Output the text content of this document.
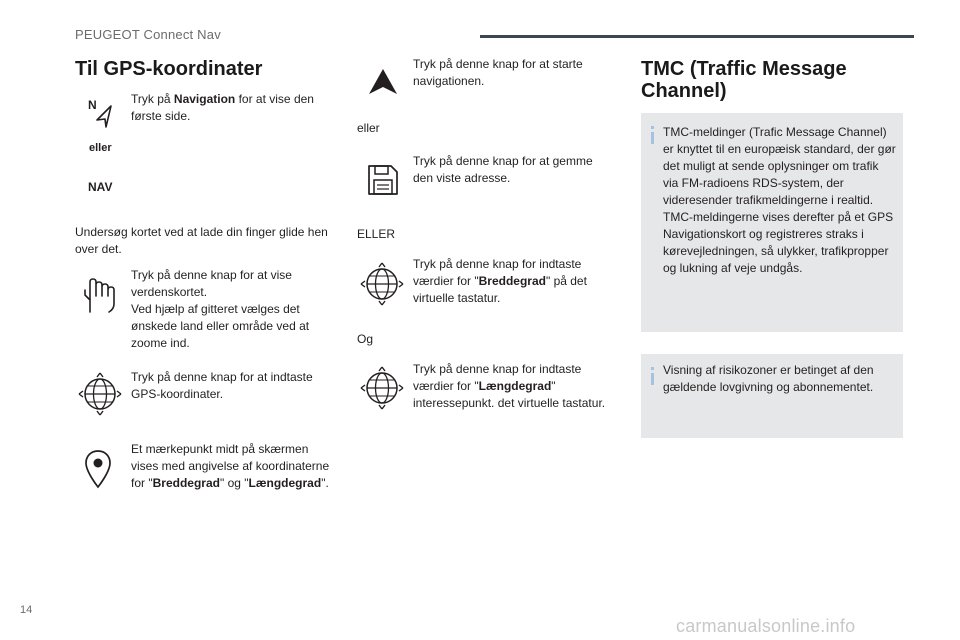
PEUGEOT Connect Nav
Til GPS-koordinater
N	Tryk på Navigation for at vise den første side.
eller
NAV
Undersøg kortet ved at lade din finger glide hen over det.
Tryk på denne knap for at vise verdenskortet.
Ved hjælp af gitteret vælges det ønskede land eller område ved at zoome ind.
Tryk på denne knap for at indtaste GPS-koordinater.
Et mærkepunkt midt på skærmen vises med angivelse af koordinaterne for "Breddegrad" og "Længdegrad".
Tryk på denne knap for at starte navigationen.
eller
Tryk på denne knap for at gemme den viste adresse.
ELLER
Tryk på denne knap for indtaste værdier for "Breddegrad" på det virtuelle tastatur.
Og
Tryk på denne knap for indtaste værdier for "Længdegrad" interessepunkt. det virtuelle tastatur.
TMC (Traffic Message Channel)
TMC-meldinger (Trafic Message Channel) er knyttet til en europæisk standard, der gør det muligt at sende oplysninger om trafik via FM-radioens RDS-system, der videresender trafikmeldingerne i realtid. TMC-meldingerne vises derefter på et GPS Navigationskort og registreres straks i kørevejledningen, så ulykker, trafikpropper og lukning af veje undgås.
Visning af risikozoner er betinget af den gældende lovgivning og abonnementet.
14
carmanualsonline.info
